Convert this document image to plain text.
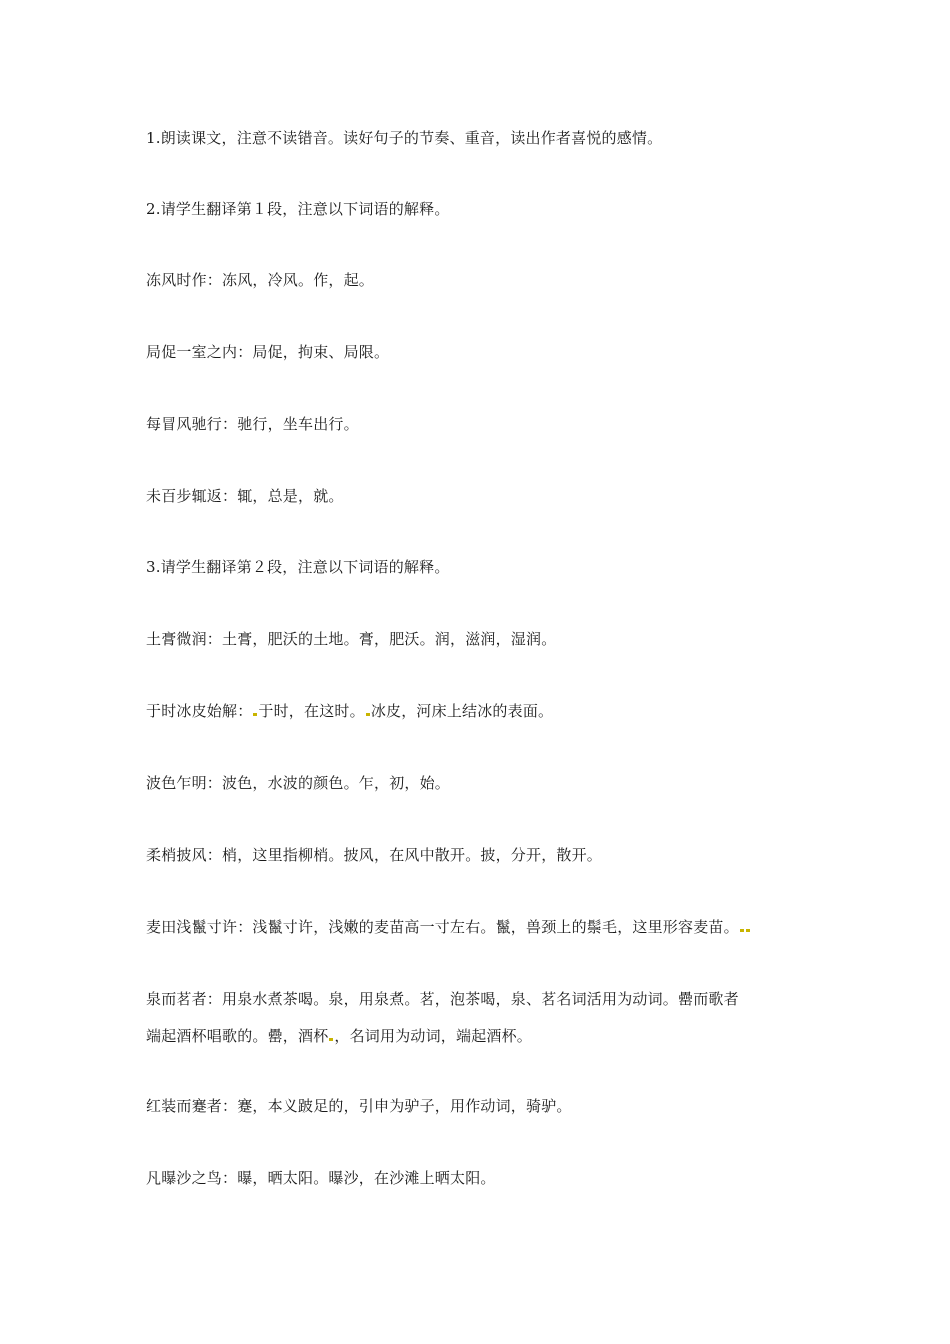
1.朗读课文，注意不读错音。读好句子的节奏、重音，读出作者喜悦的感情。
2.请学生翻译第１段，注意以下词语的解释。
冻风时作：冻风，冷风。作，起。
局促一室之内：局促，拘束、局限。
每冒风驰行：驰行，坐车出行。
未百步辄返：辄，总是，就。
3.请学生翻译第２段，注意以下词语的解释。
土膏微润：土膏，肥沃的土地。膏，肥沃。润，滋润，湿润。
于时冰皮始解： 于时，在这时。 冰皮，河床上结冰的表面。
波色乍明：波色，水波的颜色。乍，初，始。
柔梢披风：梢，这里指柳梢。披风，在风中散开。披，分开，散开。
麦田浅鬣寸许：浅鬣寸许，浅嫩的麦苗高一寸左右。鬣，兽颈上的鬃毛，这里形容麦苗。
泉而茗者：用泉水煮茶喝。泉，用泉煮。茗，泡茶喝，泉、茗名词活用为动词。罍而歌者
端起酒杯唱歌的。罍，酒杯 ，名词用为动词，端起酒杯。
红装而蹇者：蹇，本义跛足的，引申为驴子，用作动词，骑驴。
凡曝沙之鸟：曝，晒太阳。曝沙，在沙滩上晒太阳。
